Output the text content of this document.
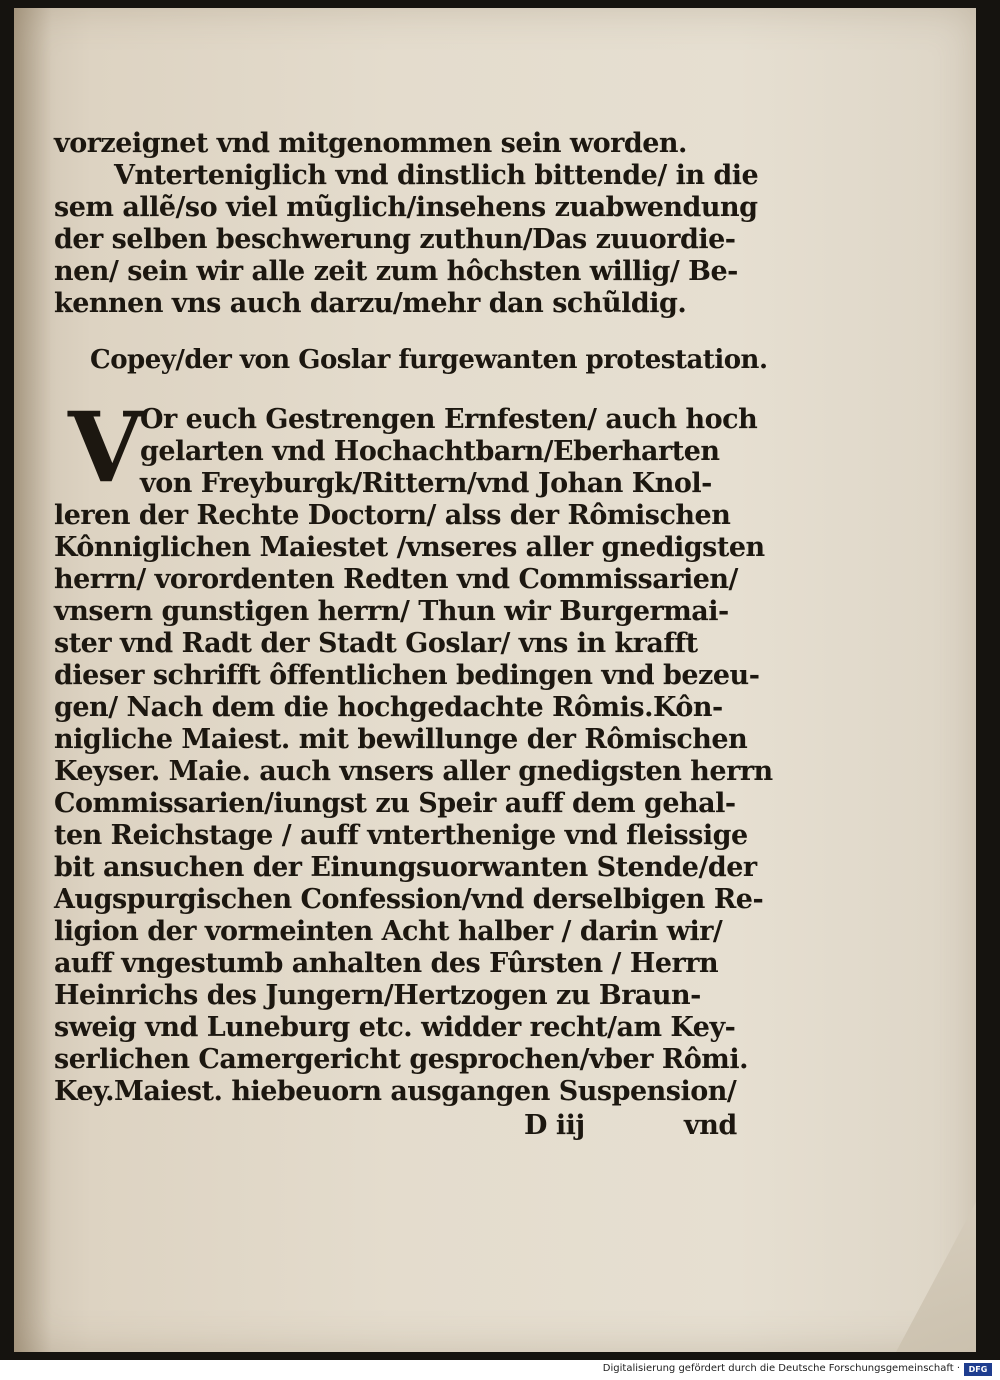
vorzeignet vnd mitgenommen sein worden.

Vnterteniglich vnd dinstlich bittende/ in die

sem allẽ/so viel mũglich/insehens zuabwendung

der selben beschwerung zuthun/Das zuuordie-

nen/ sein wir alle zeit zum hôchsten willig/ Be-

kennen vns auch darzu/mehr dan schũldig.

Copey/der von Goslar furgewanten protestation.

V

Or euch Gestrengen Ernfesten/ auch hoch

gelarten vnd Hochachtbarn/Eberharten

von Freyburgk/Rittern/vnd Johan Knol-

leren der Rechte Doctorn/ alss der Rômischen

Kônniglichen Maiestet /vnseres aller gnedigsten

herrn/ vorordenten Redten vnd Commissarien/

vnsern gunstigen herrn/ Thun wir Burgermai-

ster vnd Radt der Stadt Goslar/ vns in krafft

dieser schrifft ôffentlichen bedingen vnd bezeu-

gen/ Nach dem die hochgedachte Rômis.Kôn-

nigliche Maiest. mit bewillunge der Rômischen

Keyser. Maie. auch vnsers aller gnedigsten herrn

Commissarien/iungst zu Speir auff dem gehal-

ten Reichstage / auff vnterthenige vnd fleissige

bit ansuchen der Einungsuorwanten Stende/der

Augspurgischen Confession/vnd derselbigen Re-

ligion der vormeinten Acht halber / darin wir/

auff vngestumb anhalten des Fûrsten / Herrn

Heinrichs des Jungern/Hertzogen zu Braun-

sweig vnd Luneburg etc. widder recht/am Key-

serlichen Camergericht gesprochen/vber Rômi.

Key.Maiest. hiebeuorn ausgangen Suspension/

D iij	vnd
Digitalisierung gefördert durch die Deutsche Forschungsgemeinschaft ·	DFG
